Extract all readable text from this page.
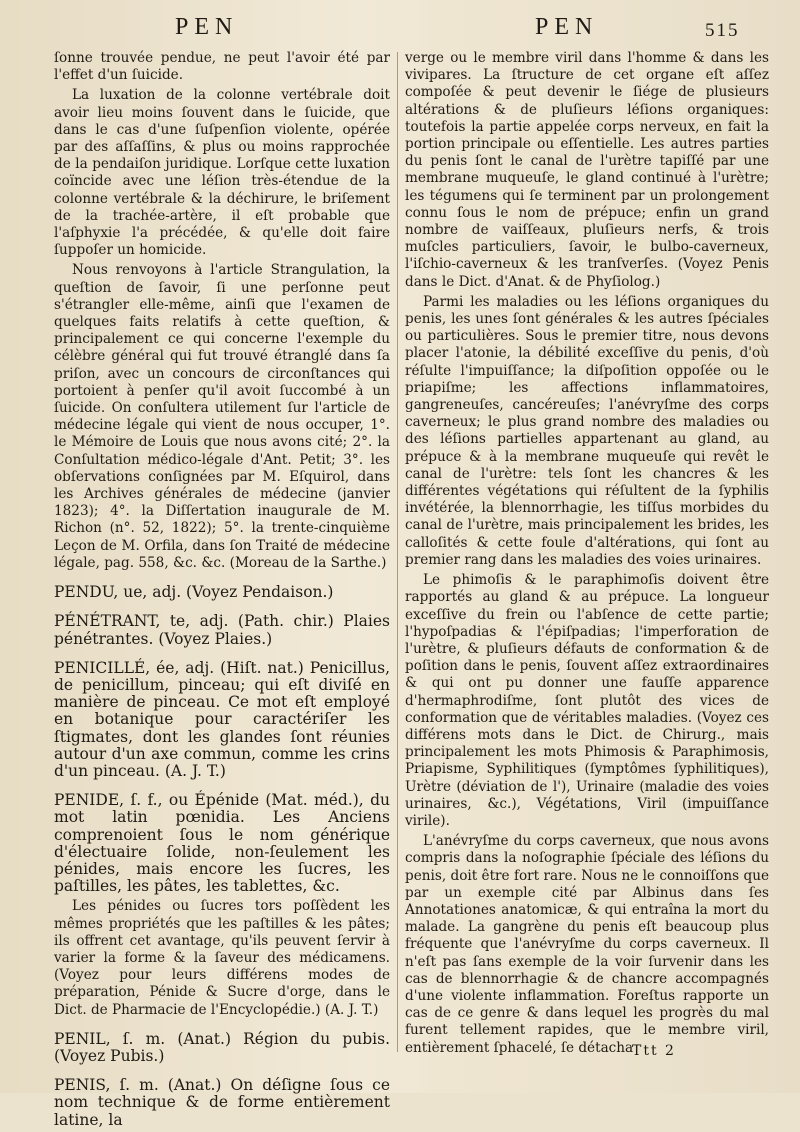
PEN	PEN	515

ſonne trouvée pendue, ne peut l'avoir été par l'effet d'un ſuicide.

La luxation de la colonne vertébrale doit avoir lieu moins ſouvent dans le ſuicide, que dans le cas d'une ſuſpenſion violente, opérée par des aſſaſſins, & plus ou moins rapprochée de la pendaiſon juridique. Lorſque cette luxation coïncide avec une léſion très-étendue de la colonne vertébrale & la déchirure, le briſement de la trachée-artère, il eſt probable que l'aſphyxie l'a précédée, & qu'elle doit faire ſuppoſer un homicide.

Nous renvoyons à l'article Strangulation, la queſtion de ſavoir, ſi une perſonne peut s'étrangler elle-même, ainſi que l'examen de quelques faits relatifs à cette queſtion, & principalement ce qui concerne l'exemple du célèbre général qui fut trouvé étranglé dans ſa priſon, avec un concours de circonſtances qui portoient à penſer qu'il avoit ſuccombé à un ſuicide. On conſultera utilement ſur l'article de médecine légale qui vient de nous occuper, 1°. le Mémoire de Louis que nous avons cité; 2°. la Conſultation médico-légale d'Ant. Petit; 3°. les obſervations conſignées par M. Eſquirol, dans les Archives générales de médecine (janvier 1823); 4°. la Diſſertation inaugurale de M. Richon (n°. 52, 1822); 5°. la trente-cinquième Leçon de M. Orfila, dans ſon Traité de médecine légale, pag. 558, &c. &c. (Moreau de la Sarthe.)

PENDU, ue, adj. (Voyez Pendaison.)

PÉNÉTRANT, te, adj. (Path. chir.) Plaies pénétrantes. (Voyez Plaies.)

PENICILLÉ, ée, adj. (Hiſt. nat.) Penicillus, de penicillum, pinceau; qui eſt diviſé en manière de pinceau. Ce mot eſt employé en botanique pour caractériſer les ſtigmates, dont les glandes ſont réunies autour d'un axe commun, comme les crins d'un pinceau. (A. J. T.)

PENIDE, ſ. f., ou Épénide (Mat. méd.), du mot latin pœnidia. Les Anciens comprenoient ſous le nom générique d'électuaire ſolide, non-ſeulement les pénides, mais encore les ſucres, les paſtilles, les pâtes, les tablettes, &c.

Les pénides ou ſucres tors poſſèdent les mêmes propriétés que les paſtilles & les pâtes; ils offrent cet avantage, qu'ils peuvent ſervir à varier la forme & la ſaveur des médicamens. (Voyez pour leurs différens modes de préparation, Pénide & Sucre d'orge, dans le Dict. de Pharmacie de l'Encyclopédie.) (A. J. T.)

PENIL, ſ. m. (Anat.) Région du pubis. (Voyez Pubis.)

PENIS, ſ. m. (Anat.) On déſigne ſous ce nom technique & de forme entièrement latine, la

verge ou le membre viril dans l'homme & dans les vivipares. La ſtructure de cet organe eſt aſſez compoſée & peut devenir le ſiége de plusieurs altérations & de pluſieurs léſions organiques: toutefois la partie appelée corps nerveux, en fait la portion principale ou eſſentielle. Les autres parties du penis ſont le canal de l'urètre tapiſſé par une membrane muqueuſe, le gland continué à l'urètre; les tégumens qui ſe terminent par un prolongement connu ſous le nom de prépuce; enfin un grand nombre de vaiſſeaux, pluſieurs nerfs, & trois muſcles particuliers, ſavoir, le bulbo-caverneux, l'iſchio-caverneux & les tranſverſes. (Voyez Penis dans le Dict. d'Anat. & de Phyſiolog.)

Parmi les maladies ou les léſions organiques du penis, les unes ſont générales & les autres ſpéciales ou particulières. Sous le premier titre, nous devons placer l'atonie, la débilité exceſſive du penis, d'où réſulte l'impuiſſance; la diſpoſition oppoſée ou le priapiſme; les affections inflammatoires, gangreneuſes, cancéreuſes; l'anévryſme des corps caverneux; le plus grand nombre des maladies ou des léſions partielles appartenant au gland, au prépuce & à la membrane muqueuſe qui revêt le canal de l'urètre: tels ſont les chancres & les différentes végétations qui réſultent de la ſyphilis invétérée, la blennorrhagie, les tiſſus morbides du canal de l'urètre, mais principalement les brides, les calloſités & cette foule d'altérations, qui ſont au premier rang dans les maladies des voies urinaires.

Le phimoſis & le paraphimoſis doivent être rapportés au gland & au prépuce. La longueur exceſſive du frein ou l'abſence de cette partie; l'hypoſpadias & l'épiſpadias; l'imperforation de l'urètre, & pluſieurs défauts de conformation & de poſition dans le penis, ſouvent aſſez extraordinaires & qui ont pu donner une fauſſe apparence d'hermaphrodiſme, ſont plutôt des vices de conformation que de véritables maladies. (Voyez ces différens mots dans le Dict. de Chirurg., mais principalement les mots Phimosis & Paraphimosis, Priapisme, Syphilitiques (ſymptômes ſyphilitiques), Urètre (déviation de l'), Urinaire (maladie des voies urinaires, &c.), Végétations, Viril (impuiſſance virile).

L'anévryſme du corps caverneux, que nous avons compris dans la noſographie ſpéciale des léſions du penis, doit être fort rare. Nous ne le connoiſſons que par un exemple cité par Albinus dans ſes Annotationes anatomicæ, & qui entraîna la mort du malade. La gangrène du penis eſt beaucoup plus fréquente que l'anévryſme du corps caverneux. Il n'eſt pas ſans exemple de la voir ſurvenir dans les cas de blennorrhagie & de chancre accompagnés d'une violente inflammation. Foreſtus rapporte un cas de ce genre & dans lequel les progrès du mal furent tellement rapides, que le membre viril, entièrement ſphacelé, ſe détacha

Ttt 2
